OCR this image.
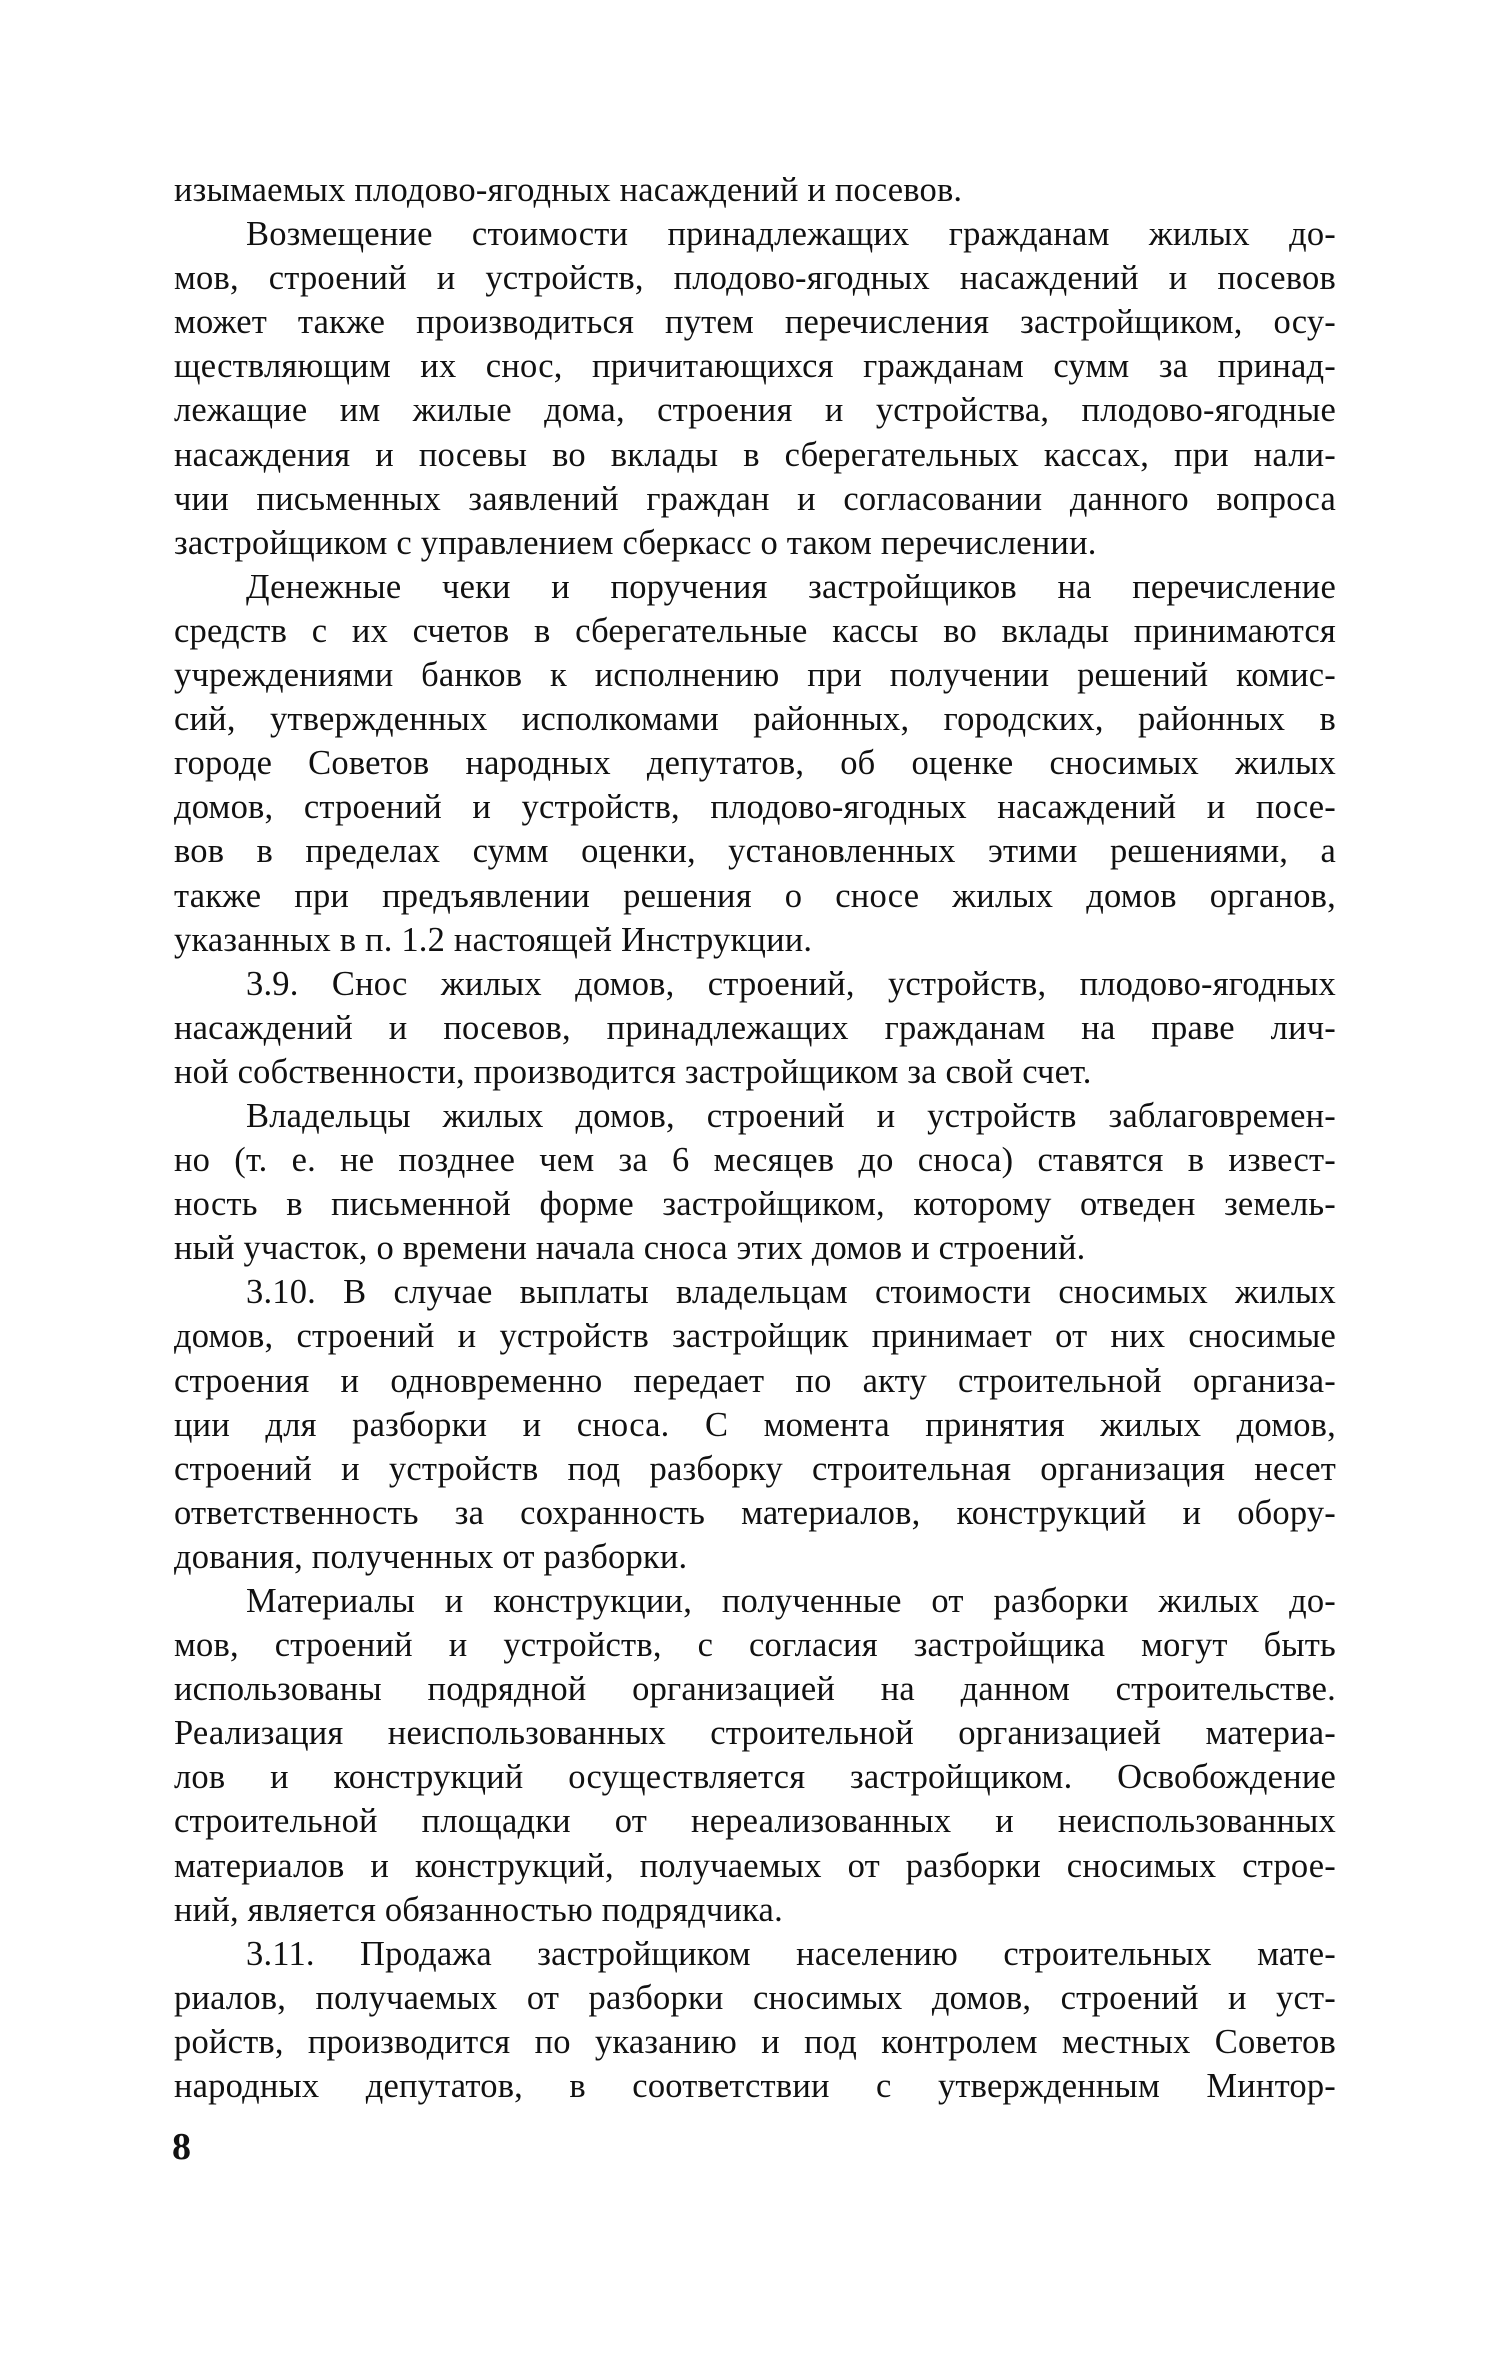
изымаемых плодово-ягодных насаждений и посевов.

Возмещение стоимости принадлежащих гражданам жилых до-
мов, строений и устройств, плодово-ягодных насаждений и посевов
может также производиться путем перечисления застройщиком, осу-
ществляющим их снос, причитающихся гражданам сумм за принад-
лежащие им жилые дома, строения и устройства, плодово-ягодные
насаждения и посевы во вклады в сберегательных кассах, при нали-
чии письменных заявлений граждан и согласовании данного вопроса
застройщиком с управлением сберкасс о таком перечислении.

Денежные чеки и поручения застройщиков на перечисление
средств с их счетов в сберегательные кассы во вклады принимаются
учреждениями банков к исполнению при получении решений комис-
сий, утвержденных исполкомами районных, городских, районных в
городе Советов народных депутатов, об оценке сносимых жилых
домов, строений и устройств, плодово-ягодных насаждений и посе-
вов в пределах сумм оценки, установленных этими решениями, а
также при предъявлении решения о сносе жилых домов органов,
указанных в п. 1.2 настоящей Инструкции.

3.9. Снос жилых домов, строений, устройств, плодово-ягодных
насаждений и посевов, принадлежащих гражданам на праве лич-
ной собственности, производится застройщиком за свой счет.

Владельцы жилых домов, строений и устройств заблаговремен-
но (т. е. не позднее чем за 6 месяцев до сноса) ставятся в извест-
ность в письменной форме застройщиком, которому отведен земель-
ный участок, о времени начала сноса этих домов и строений.

3.10. В случае выплаты владельцам стоимости сносимых жилых
домов, строений и устройств застройщик принимает от них сносимые
строения и одновременно передает по акту строительной организа-
ции для разборки и сноса. С момента принятия жилых домов,
строений и устройств под разборку строительная организация несет
ответственность за сохранность материалов, конструкций и обору-
дования, полученных от разборки.

Материалы и конструкции, полученные от разборки жилых до-
мов, строений и устройств, с согласия застройщика могут быть
использованы подрядной организацией на данном строительстве.
Реализация неиспользованных строительной организацией материа-
лов и конструкций осуществляется застройщиком. Освобождение
строительной площадки от нереализованных и неиспользованных
материалов и конструкций, получаемых от разборки сносимых строе-
ний, является обязанностью подрядчика.

3.11. Продажа застройщиком населению строительных мате-
риалов, получаемых от разборки сносимых домов, строений и уст-
ройств, производится по указанию и под контролем местных Советов
народных депутатов, в соответствии с утвержденным Минтор-

8
